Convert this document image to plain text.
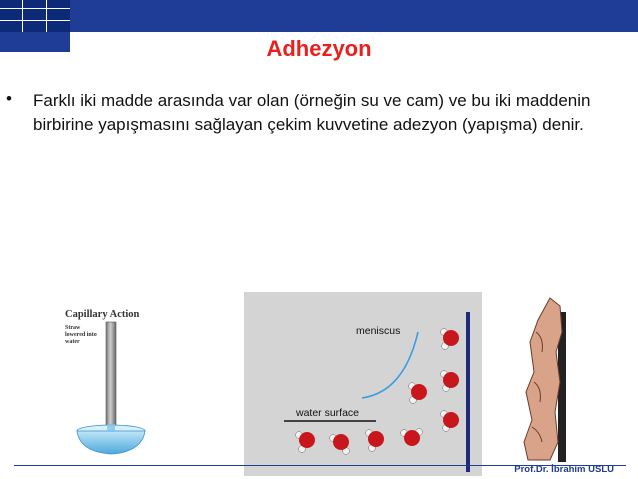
Adhezyon
• Farklı iki madde arasında var olan (örneğin su ve cam) ve bu iki maddenin birbirine yapışmasını sağlayan çekim kuvvetine adezyon (yapışma) denir.
Capillary Action
Straw
lowered into
water
meniscus
water surface
Prof.Dr. İbrahim USLU
